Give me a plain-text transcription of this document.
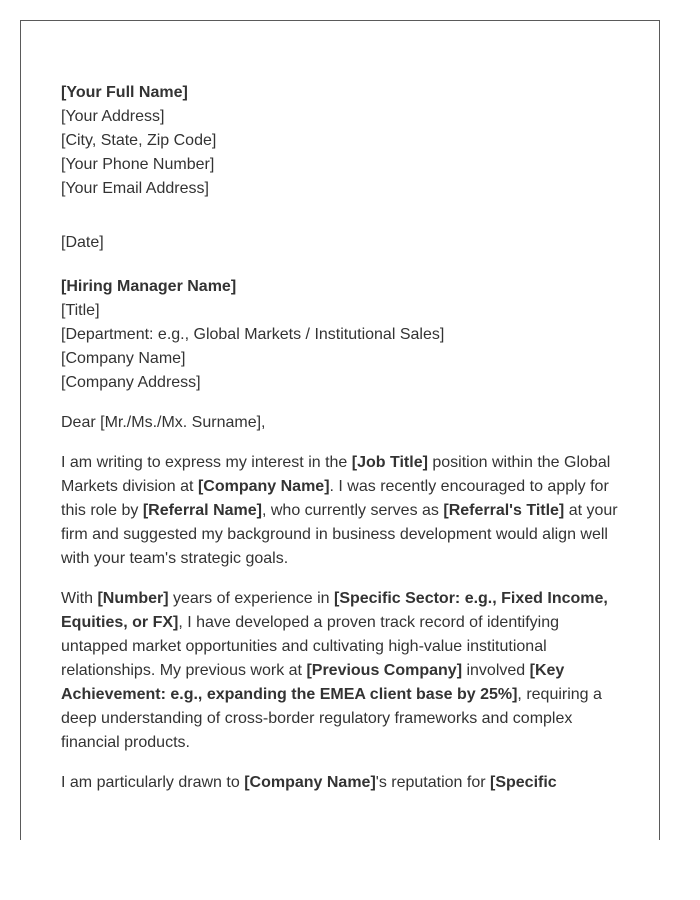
[Your Full Name]
[Your Address]
[City, State, Zip Code]
[Your Phone Number]
[Your Email Address]
[Date]
[Hiring Manager Name]
[Title]
[Department: e.g., Global Markets / Institutional Sales]
[Company Name]
[Company Address]
Dear [Mr./Ms./Mx. Surname],

I am writing to express my interest in the [Job Title] position within the Global Markets division at [Company Name]. I was recently encouraged to apply for this role by [Referral Name], who currently serves as [Referral's Title] at your firm and suggested my background in business development would align well with your team's strategic goals.

With [Number] years of experience in [Specific Sector: e.g., Fixed Income, Equities, or FX], I have developed a proven track record of identifying untapped market opportunities and cultivating high-value institutional relationships. My previous work at [Previous Company] involved [Key Achievement: e.g., expanding the EMEA client base by 25%], requiring a deep understanding of cross-border regulatory frameworks and complex financial products.

I am particularly drawn to [Company Name]'s reputation for [Specific
